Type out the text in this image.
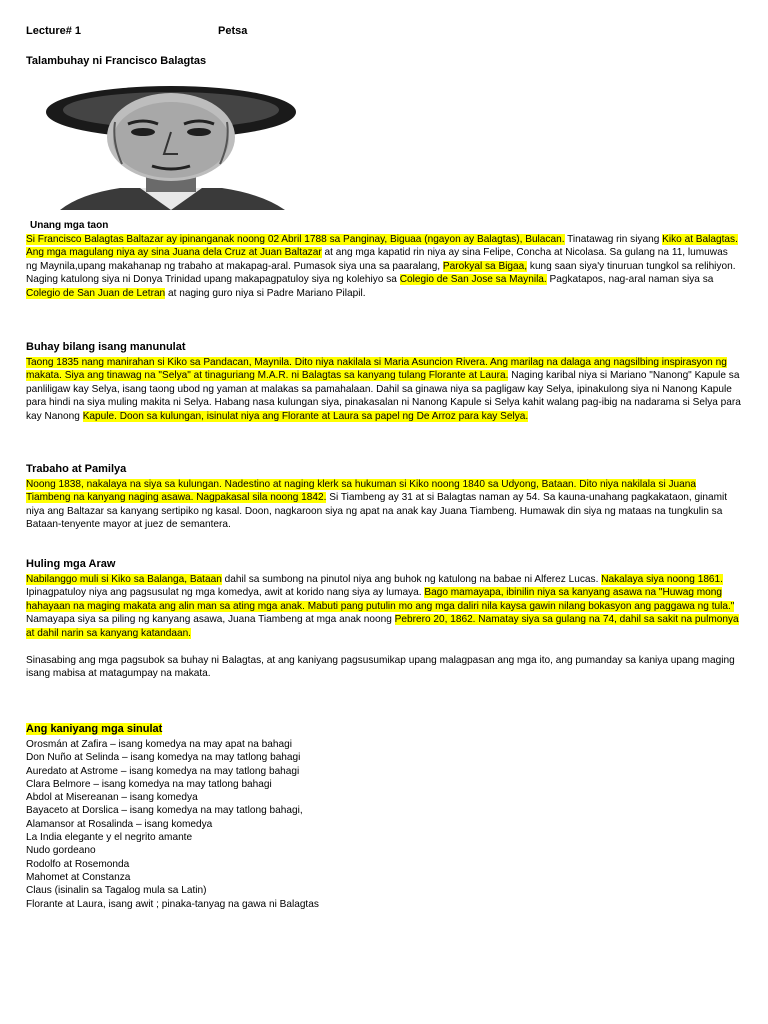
Lecture# 1	Petsa
Talambuhay ni Francisco Balagtas
Unang mga taon
Si Francisco Balagtas Baltazar ay ipinanganak noong 02 Abril 1788 sa Panginay, Biguaa (ngayon ay Balagtas), Bulacan. Tinatawag rin siyang Kiko at Balagtas. Ang mga magulang niya ay sina Juana dela Cruz at Juan Baltazar at ang mga kapatid rin niya ay sina Felipe, Concha at Nicolasa. Sa gulang na 11, lumuwas ng Maynila,upang makahanap ng trabaho at makapag-aral. Pumasok siya una sa paaralang, Parokyal sa Bigaa, kung saan siya'y tinuruan tungkol sa relihiyon. Naging katulong siya ni Donya Trinidad upang makapagpatuloy siya ng kolehiyo sa Colegio de San Jose sa Maynila. Pagkatapos, nag-aral naman siya sa Colegio de San Juan de Letran at naging guro niya si Padre Mariano Pilapil.
Buhay bilang isang manunulat
Taong 1835 nang manirahan si Kiko sa Pandacan, Maynila. Dito niya nakilala si Maria Asuncion Rivera. Ang marilag na dalaga ang nagsilbing inspirasyon ng makata. Siya ang tinawag na "Selya" at tinaguriang M.A.R. ni Balagtas sa kanyang tulang Florante at Laura. Naging karibal niya si Mariano "Nanong" Kapule sa panliligaw kay Selya, isang taong ubod ng yaman at malakas sa pamahalaan. Dahil sa ginawa niya sa pagligaw kay Selya, ipinakulong siya ni Nanong Kapule para hindi na siya muling makita ni Selya. Habang nasa kulungan siya, pinakasalan ni Nanong Kapule si Selya kahit walang pag-ibig na nadarama si Selya para kay Nanong Kapule. Doon sa kulungan, isinulat niya ang Florante at Laura sa papel ng De Arroz para kay Selya.
Trabaho at Pamilya
Noong 1838, nakalaya na siya sa kulungan. Nadestino at naging klerk sa hukuman si Kiko noong 1840 sa Udyong, Bataan. Dito niya nakilala si Juana Tiambeng na kanyang naging asawa. Nagpakasal sila noong 1842. Si Tiambeng ay 31 at si Balagtas naman ay 54. Sa kauna-unahang pagkakataon, ginamit niya ang Baltazar sa kanyang sertipiko ng kasal. Doon, nagkaroon siya ng apat na anak kay Juana Tiambeng. Humawak din siya ng mataas na tungkulin sa Bataan-tenyente mayor at juez de semantera.
Huling mga Araw
Nabilanggo muli si Kiko sa Balanga, Bataan dahil sa sumbong na pinutol niya ang buhok ng katulong na babae ni Alferez Lucas. Nakalaya siya noong 1861. Ipinagpatuloy niya ang pagsusulat ng mga komedya, awit at korido nang siya ay lumaya. Bago mamayapa, ibinilin niya sa kanyang asawa na "Huwag mong hahayaan na maging makata ang alin man sa ating mga anak. Mabuti pang putulin mo ang mga daliri nila kaysa gawin nilang bokasyon ang paggawa ng tula." Namayapa siya sa piling ng kanyang asawa, Juana Tiambeng at mga anak noong Pebrero 20, 1862. Namatay siya sa gulang na 74, dahil sa sakit na pulmonya at dahil narin sa kanyang katandaan.
Sinasabing ang mga pagsubok sa buhay ni Balagtas, at ang kaniyang pagsusumikap upang malagpasan ang mga ito, ang pumanday sa kaniya upang maging isang mabisa at matagumpay na makata.
Ang kaniyang mga sinulat
Orosmán at Zafira – isang komedya na may apat na bahagi
Don Nuño at Selinda – isang komedya na may tatlong bahagi
Auredato at Astrome – isang komedya na may tatlong bahagi
Clara Belmore – isang komedya na may tatlong bahagi
Abdol at Misereanan – isang komedya
Bayaceto at Dorslica – isang komedya na may tatlong bahagi,
Alamansor at Rosalinda – isang komedya
La India elegante y el negrito amante
Nudo gordeano
Rodolfo at Rosemonda
Mahomet at Constanza
Claus (isinalin sa Tagalog mula sa Latin)
Florante at Laura, isang awit ; pinaka-tanyag na gawa ni Balagtas
